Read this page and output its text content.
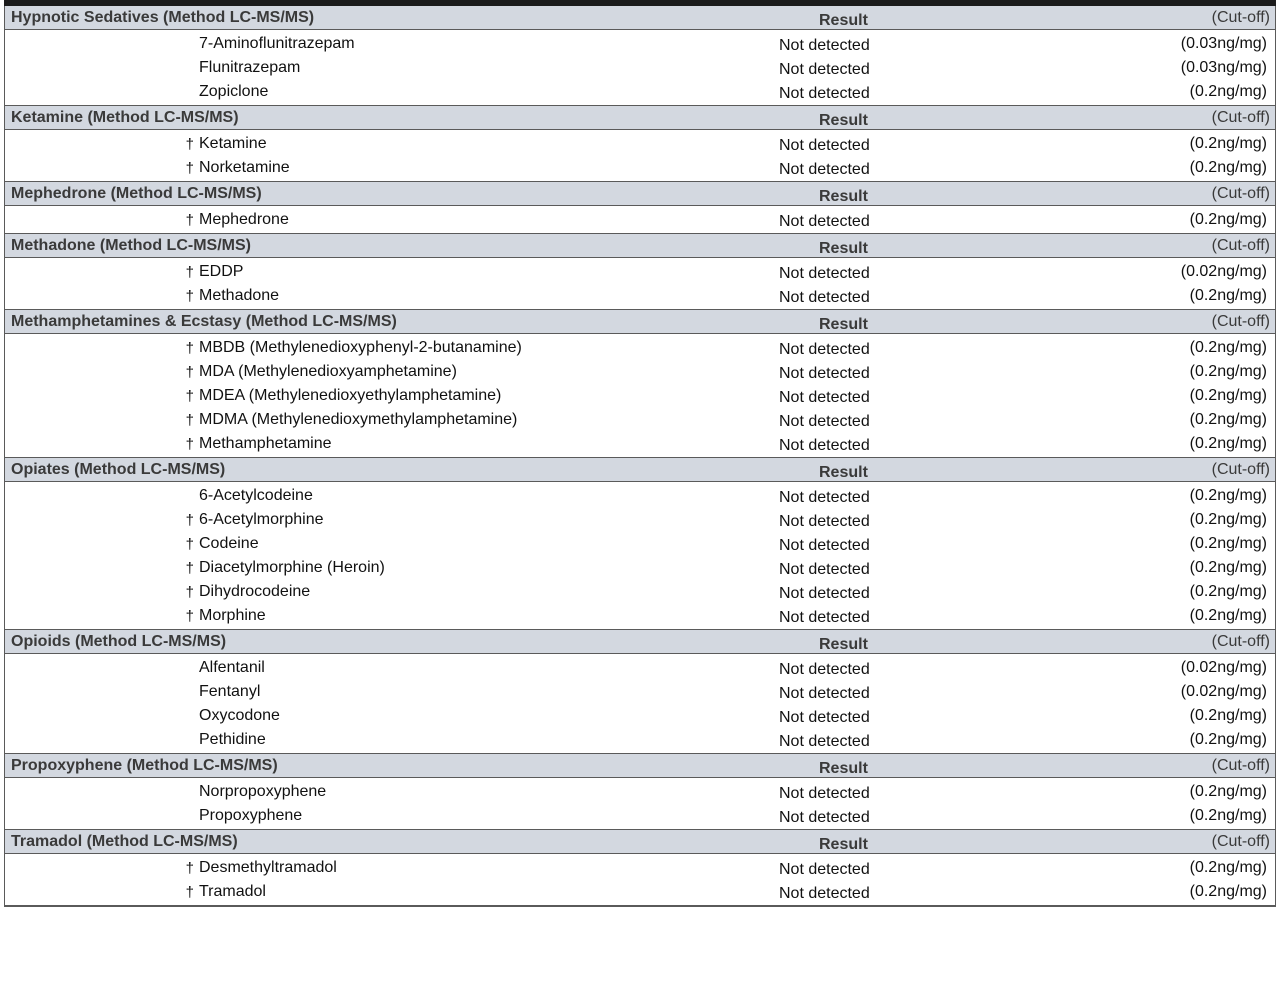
Hypnotic Sedatives (Method LC-MS/MS)	Result	(Cut-off)
7-Aminoflunitrazepam	Not detected	(0.03ng/mg)
Flunitrazepam	Not detected	(0.03ng/mg)
Zopiclone	Not detected	(0.2ng/mg)
Ketamine (Method LC-MS/MS)	Result	(Cut-off)
† Ketamine	Not detected	(0.2ng/mg)
† Norketamine	Not detected	(0.2ng/mg)
Mephedrone (Method LC-MS/MS)	Result	(Cut-off)
† Mephedrone	Not detected	(0.2ng/mg)
Methadone (Method LC-MS/MS)	Result	(Cut-off)
† EDDP	Not detected	(0.02ng/mg)
† Methadone	Not detected	(0.2ng/mg)
Methamphetamines & Ecstasy (Method LC-MS/MS)	Result	(Cut-off)
† MBDB (Methylenedioxyphenyl-2-butanamine)	Not detected	(0.2ng/mg)
† MDA (Methylenedioxyamphetamine)	Not detected	(0.2ng/mg)
† MDEA (Methylenedioxyethylamphetamine)	Not detected	(0.2ng/mg)
† MDMA (Methylenedioxymethylamphetamine)	Not detected	(0.2ng/mg)
† Methamphetamine	Not detected	(0.2ng/mg)
Opiates (Method LC-MS/MS)	Result	(Cut-off)
6-Acetylcodeine	Not detected	(0.2ng/mg)
† 6-Acetylmorphine	Not detected	(0.2ng/mg)
† Codeine	Not detected	(0.2ng/mg)
† Diacetylmorphine (Heroin)	Not detected	(0.2ng/mg)
† Dihydrocodeine	Not detected	(0.2ng/mg)
† Morphine	Not detected	(0.2ng/mg)
Opioids (Method LC-MS/MS)	Result	(Cut-off)
Alfentanil	Not detected	(0.02ng/mg)
Fentanyl	Not detected	(0.02ng/mg)
Oxycodone	Not detected	(0.2ng/mg)
Pethidine	Not detected	(0.2ng/mg)
Propoxyphene (Method LC-MS/MS)	Result	(Cut-off)
Norpropoxyphene	Not detected	(0.2ng/mg)
Propoxyphene	Not detected	(0.2ng/mg)
Tramadol (Method LC-MS/MS)	Result	(Cut-off)
† Desmethyltramadol	Not detected	(0.2ng/mg)
† Tramadol	Not detected	(0.2ng/mg)
